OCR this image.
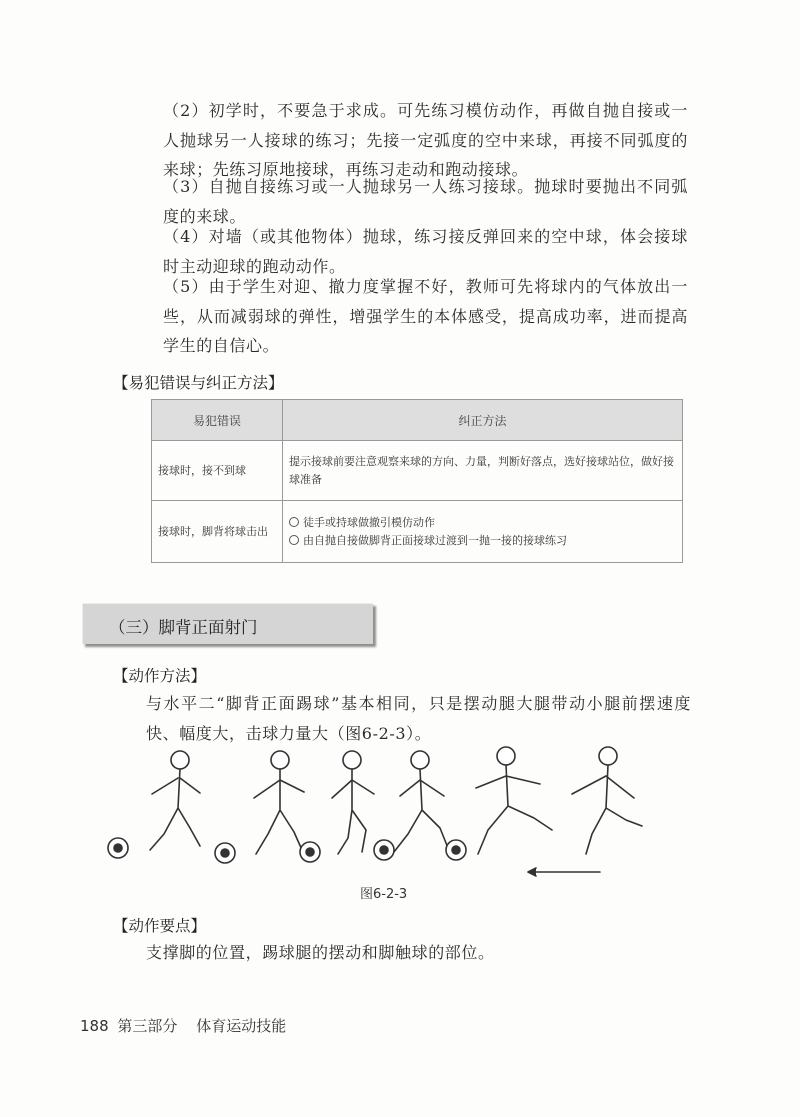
（2）初学时，不要急于求成。可先练习模仿动作，再做自抛自接或一人抛球另一人接球的练习；先接一定弧度的空中来球，再接不同弧度的来球；先练习原地接球，再练习走动和跑动接球。
（3）自抛自接练习或一人抛球另一人练习接球。抛球时要抛出不同弧度的来球。
（4）对墙（或其他物体）抛球，练习接反弹回来的空中球，体会接球时主动迎球的跑动动作。
（5）由于学生对迎、撤力度掌握不好，教师可先将球内的气体放出一些，从而减弱球的弹性，增强学生的本体感受，提高成功率，进而提高学生的自信心。
【易犯错误与纠正方法】
易犯错误	纠正方法
接球时，接不到球	提示接球前要注意观察来球的方向、力量，判断好落点，选好接球站位，做好接球准备
接球时，脚背将球击出	徒手或持球做撤引模仿动作
由自抛自接做脚背正面接球过渡到一抛一接的接球练习
（三）脚背正面射门
【动作方法】
与水平二“脚背正面踢球”基本相同，只是摆动腿大腿带动小腿前摆速度快、幅度大，击球力量大（图6-2-3）。
图6-2-3
【动作要点】
支撑脚的位置，踢球腿的摆动和脚触球的部位。
188 第三部分 体育运动技能
